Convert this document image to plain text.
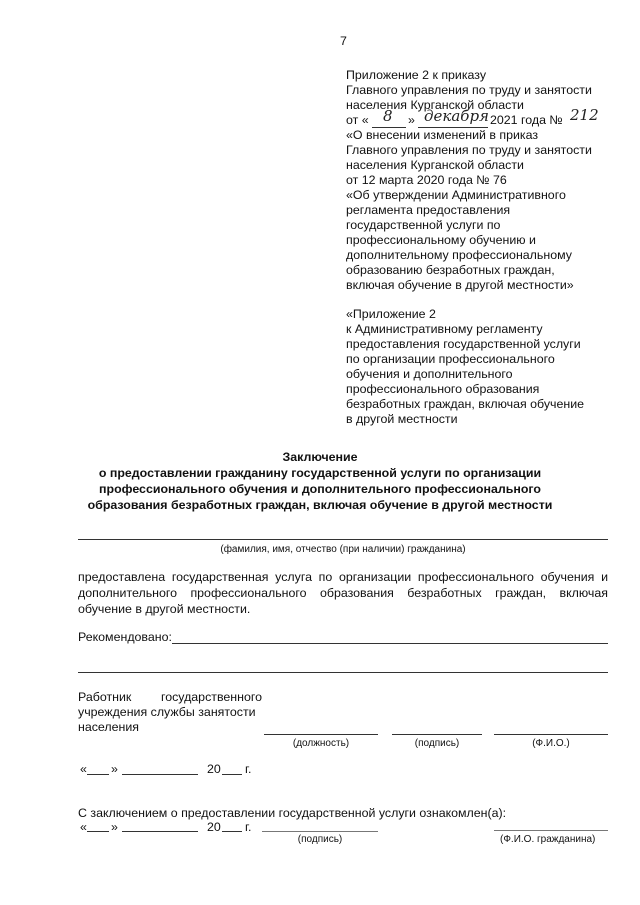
7
Приложение 2 к приказу
Главного управления по труду и занятости
населения Курганской области
от « 8 » декабря 2021 года № 212
«О внесении изменений в приказ
Главного управления по труду и занятости
населения Курганской области
от 12 марта 2020 года № 76
«Об утверждении Административного
регламента предоставления
государственной услуги по
профессиональному обучению и
дополнительному профессиональному
образованию безработных граждан,
включая обучение в другой местности»
«Приложение 2
к Административному регламенту
предоставления государственной услуги
по организации профессионального
обучения и дополнительного
профессионального образования
безработных граждан, включая обучение
в другой местности
Заключение
о предоставлении гражданину государственной услуги по организации
профессионального обучения и дополнительного профессионального
образования безработных граждан, включая обучение в другой местности
(фамилия, имя, отчество (при наличии) гражданина)
предоставлена государственная услуга по организации профессионального обучения и
дополнительного профессионального образования безработных граждан, включая
обучение в другой местности.
Рекомендовано:
Работник государственного
учреждения службы занятости
населения
(должность)	(подпись)	(Ф.И.О.)
« »	20 г.
С заключением о предоставлении государственной услуги ознакомлен(а):
« »	20 г.
(подпись)	(Ф.И.О. гражданина)
